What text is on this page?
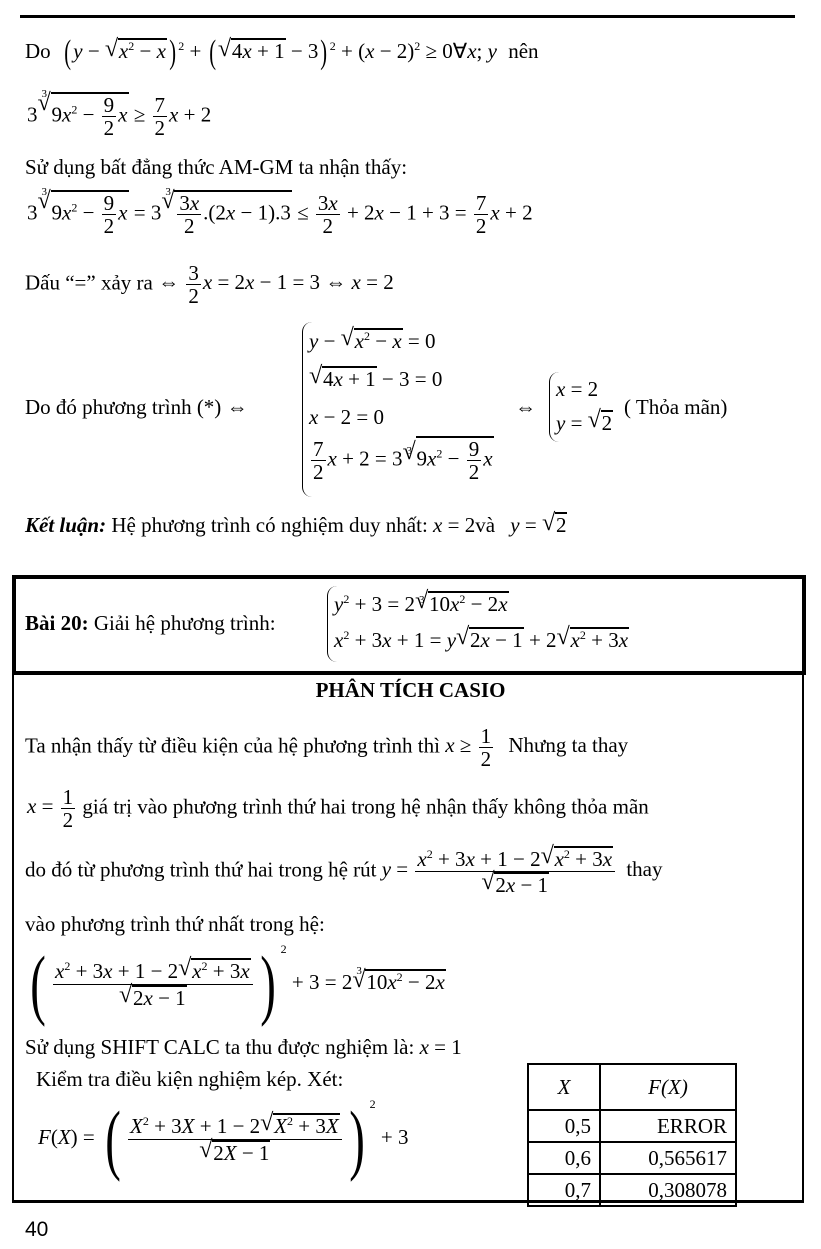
Do ( y − √ $x^2 - x$) $^2$ + ( √ 4x + 1 − 3) $^2 + (x - 2)^2$ ≥ 0∀x; y nên
3
√ 3
$9x^2 - \frac{9}{2}$ $x \ge \frac{7}{2}$ x + 2
Sử dụng bất đẳng thức AM-GM ta nhận thấy:
3
√ 3
$9x^2 - \frac{9}{2}$ x = 3
√ $3 \frac{3x}{2} .(2x - 1).3 \le \frac{3x}{2} + 2x - 1 + 3 = \frac{7}{2}$ x + 2
Dấu “=” xảy ra ⇔ $\frac{3}{2}$ x = 2x − 1 = 3 ⇔ x = 2
Do đó phương trình (*) ⇔
y − √ $x^2 - x = 0$
√ 4x + 1 − 3 = 0
x − 2 = 0
$\frac{7}{2}$ x + 2 = 3 √ 3 $9x^2 - \frac{9}{2}$ x
⇔
x = 2
y = √ 2
( Thỏa mãn)
Kết luận: Hệ phương trình có nghiệm duy nhất: x = 2và y = √ 2
Bài 20: Giải hệ phương trình:
$y^2 + 3 = 2$ √ 3 $10x^2 - 2x$
$x^2 + 3x + 1 = y$ √ 2x − 1 + 2 √ $x^2 + 3x$
PHÂN TÍCH CASIO
Ta nhận thấy từ điều kiện của hệ phương trình thì $x \ge \frac{1}{2}$ Nhưng ta thay
$x = \frac{1}{2}$ giá trị vào phương trình thứ hai trong hệ nhận thấy không thỏa mãn
do đó từ phương trình thứ hai trong hệ rút $y = x^2 + 3x + 1 - 2$ √ $x^2 + 3x$
√ 2x − 1 thay
vào phương trình thứ nhất trong hệ:
( $x^2 + 3x + 1 - 2$ √ $x^2 + 3x$
√ 2x − 1 ) $^2$ + 3 = 2 √ 3 $10x^2 - 2x$
Sử dụng SHIFT CALC ta thu được nghiệm là: x = 1
Kiểm tra điều kiện nghiệm kép. Xét:
F(X) = ( $X^2 + 3X + 1 - 2$ √ $X^2 + 3X$
√ 2X − 1 ) $^2$ + 3
X	F(X)
0,5	ERROR
0,6	0,565617
0,7	0,308078
40
